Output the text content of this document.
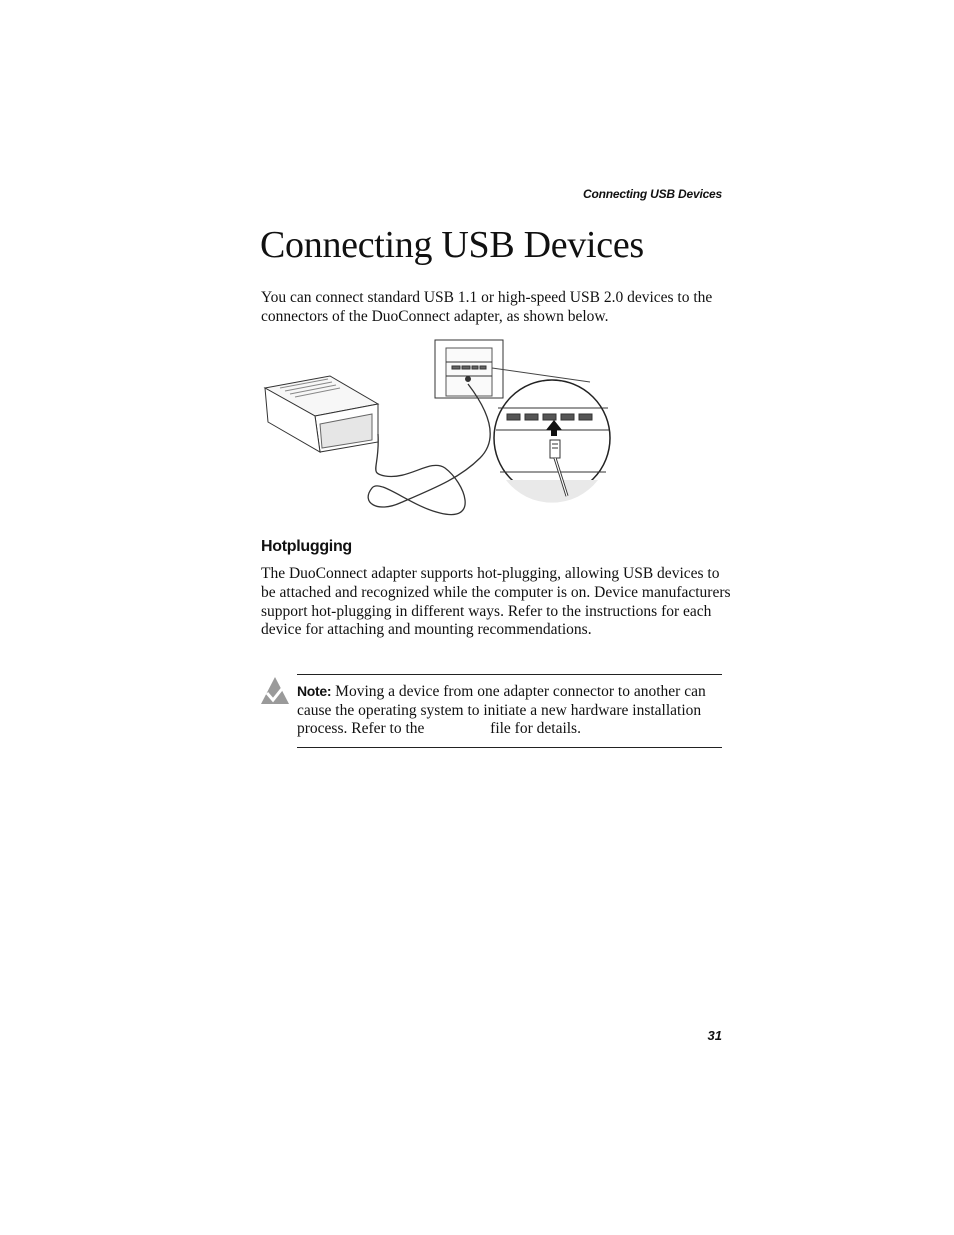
Connecting USB Devices
Connecting USB Devices

You can connect standard USB 1.1 or high-speed USB 2.0 devices to the connectors of the DuoConnect adapter, as shown below.

Hotplugging

The DuoConnect adapter supports hot-plugging, allowing USB devices to be attached and recognized while the computer is on. Device manufacturers support hot-plugging in different ways. Refer to the instructions for each device for attaching and mounting recommendations.

Note: Moving a device from one adapter connector to another can cause the operating system to initiate a new hardware installation process. Refer to the	file for details.

31
